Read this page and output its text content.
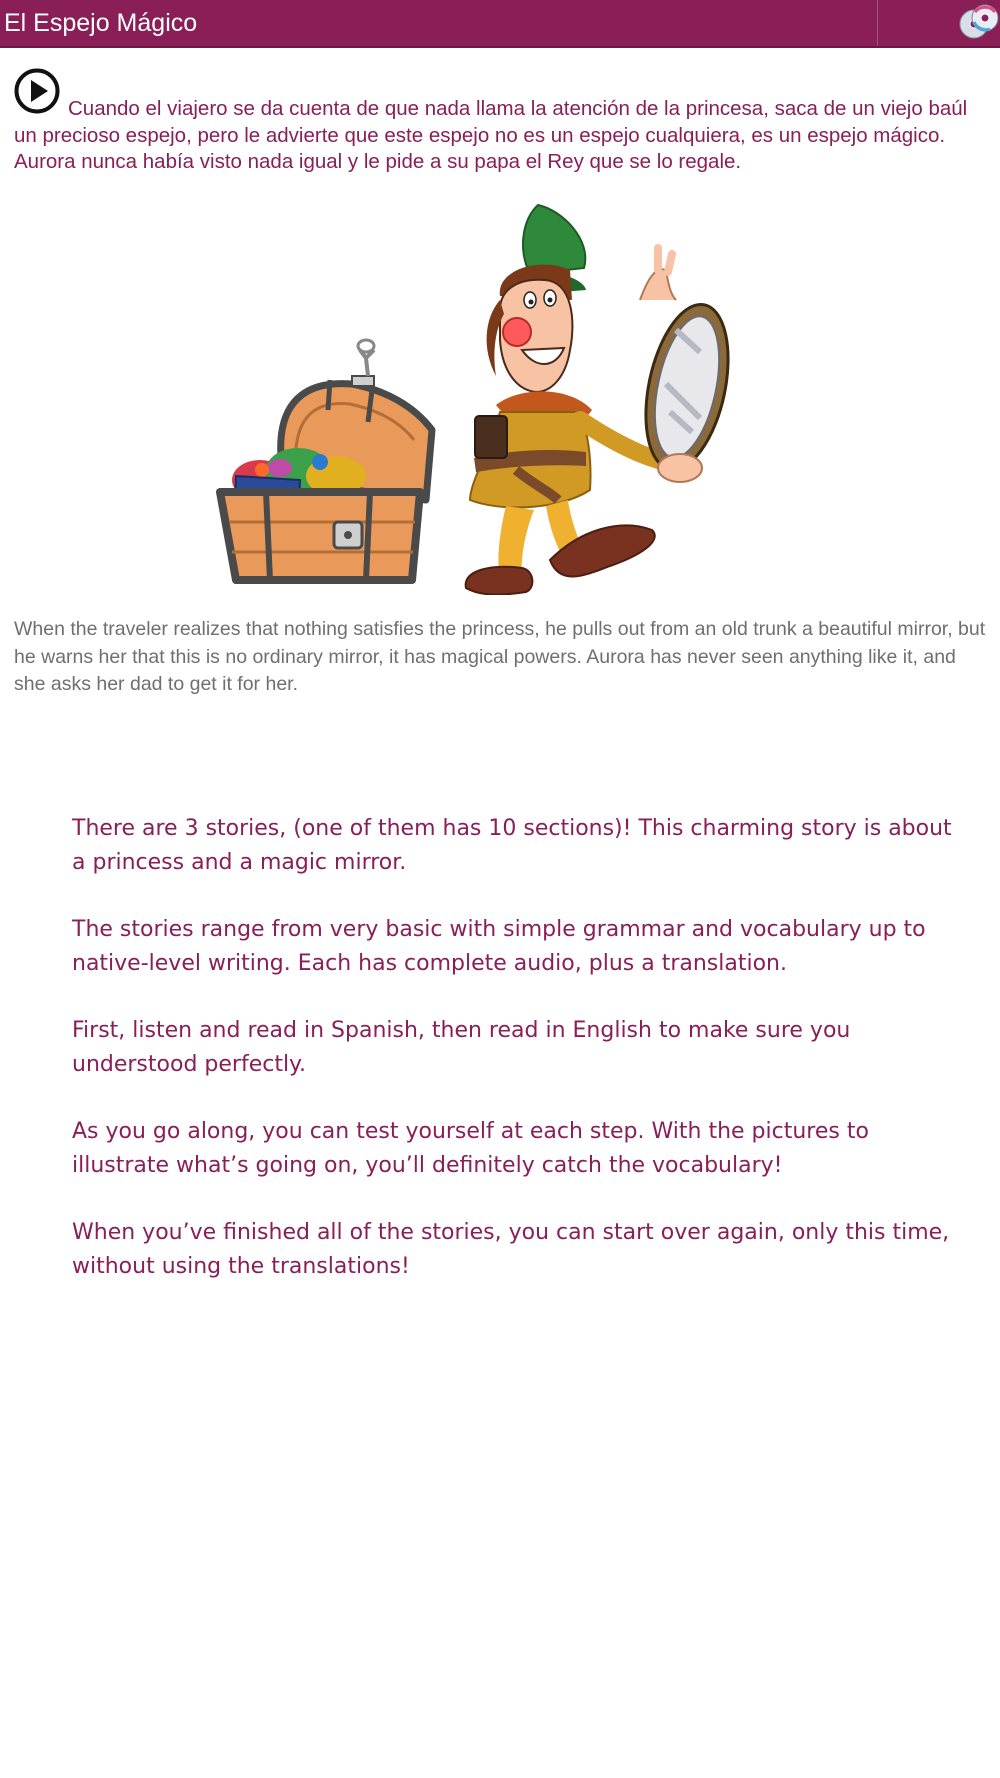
El Espejo Mágico
Cuando el viajero se da cuenta de que nada llama la atención de la princesa, saca de un viejo baúl un precioso espejo, pero le advierte que este espejo no es un espejo cualquiera, es un espejo mágico. Aurora nunca había visto nada igual y le pide a su papa el Rey que se lo regale.
When the traveler realizes that nothing satisfies the princess, he pulls out from an old trunk a beautiful mirror, but he warns her that this is no ordinary mirror, it has magical powers. Aurora has never seen anything like it, and she asks her dad to get it for her.

There are 3 stories, (one of them has 10 sections)! This charming story is about a princess and a magic mirror.

The stories range from very basic with simple grammar and vocabulary up to native-level writing. Each has complete audio, plus a translation.

First, listen and read in Spanish, then read in English to make sure you understood perfectly.

As you go along, you can test yourself at each step. With the pictures to illustrate what’s going on, you’ll definitely catch the vocabulary!

When you’ve finished all of the stories, you can start over again, only this time, without using the translations!
